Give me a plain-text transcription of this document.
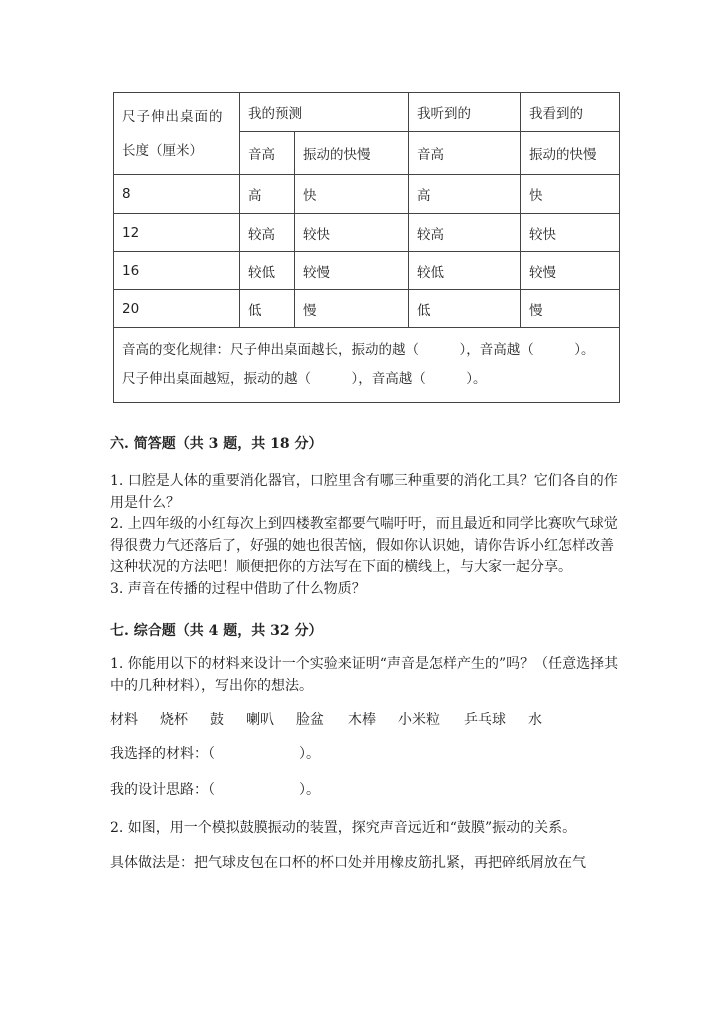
尺子伸出桌面的
长度（厘米）	我的预测		我听到的	我看到的
	音高	振动的快慢	音高	振动的快慢
8	高	快	高	快
12	较高	较快	较高	较快
16	较低	较慢	较低	较慢
20	低	慢	低	慢

音高的变化规律：尺子伸出桌面越长，振动的越（　　　），音高越（　　　）。
尺子伸出桌面越短，振动的越（　　　），音高越（　　　）。				
六. 简答题（共 3 题，共 18 分）
1. 口腔是人体的重要消化器官，口腔里含有哪三种重要的消化工具？它们各自的作用是什么？
2. 上四年级的小红每次上到四楼教室都要气喘吁吁，而且最近和同学比赛吹气球觉得很费力气还落后了，好强的她也很苦恼，假如你认识她，请你告诉小红怎样改善这种状况的方法吧！顺便把你的方法写在下面的横线上，与大家一起分享。
3. 声音在传播的过程中借助了什么物质？
七. 综合题（共 4 题，共 32 分）
1. 你能用以下的材料来设计一个实验来证明“声音是怎样产生的”吗？（任意选择其中的几种材料），写出你的想法。
材料	烧杯	鼓	喇叭	脸盆	木棒	小米粒	乒乓球	水
我选择的材料：（　　　　　　）。
我的设计思路：（　　　　　　）。
2. 如图，用一个模拟鼓膜振动的装置，探究声音远近和“鼓膜”振动的关系。
具体做法是：把气球皮包在口杯的杯口处并用橡皮筋扎紧，再把碎纸屑放在气
